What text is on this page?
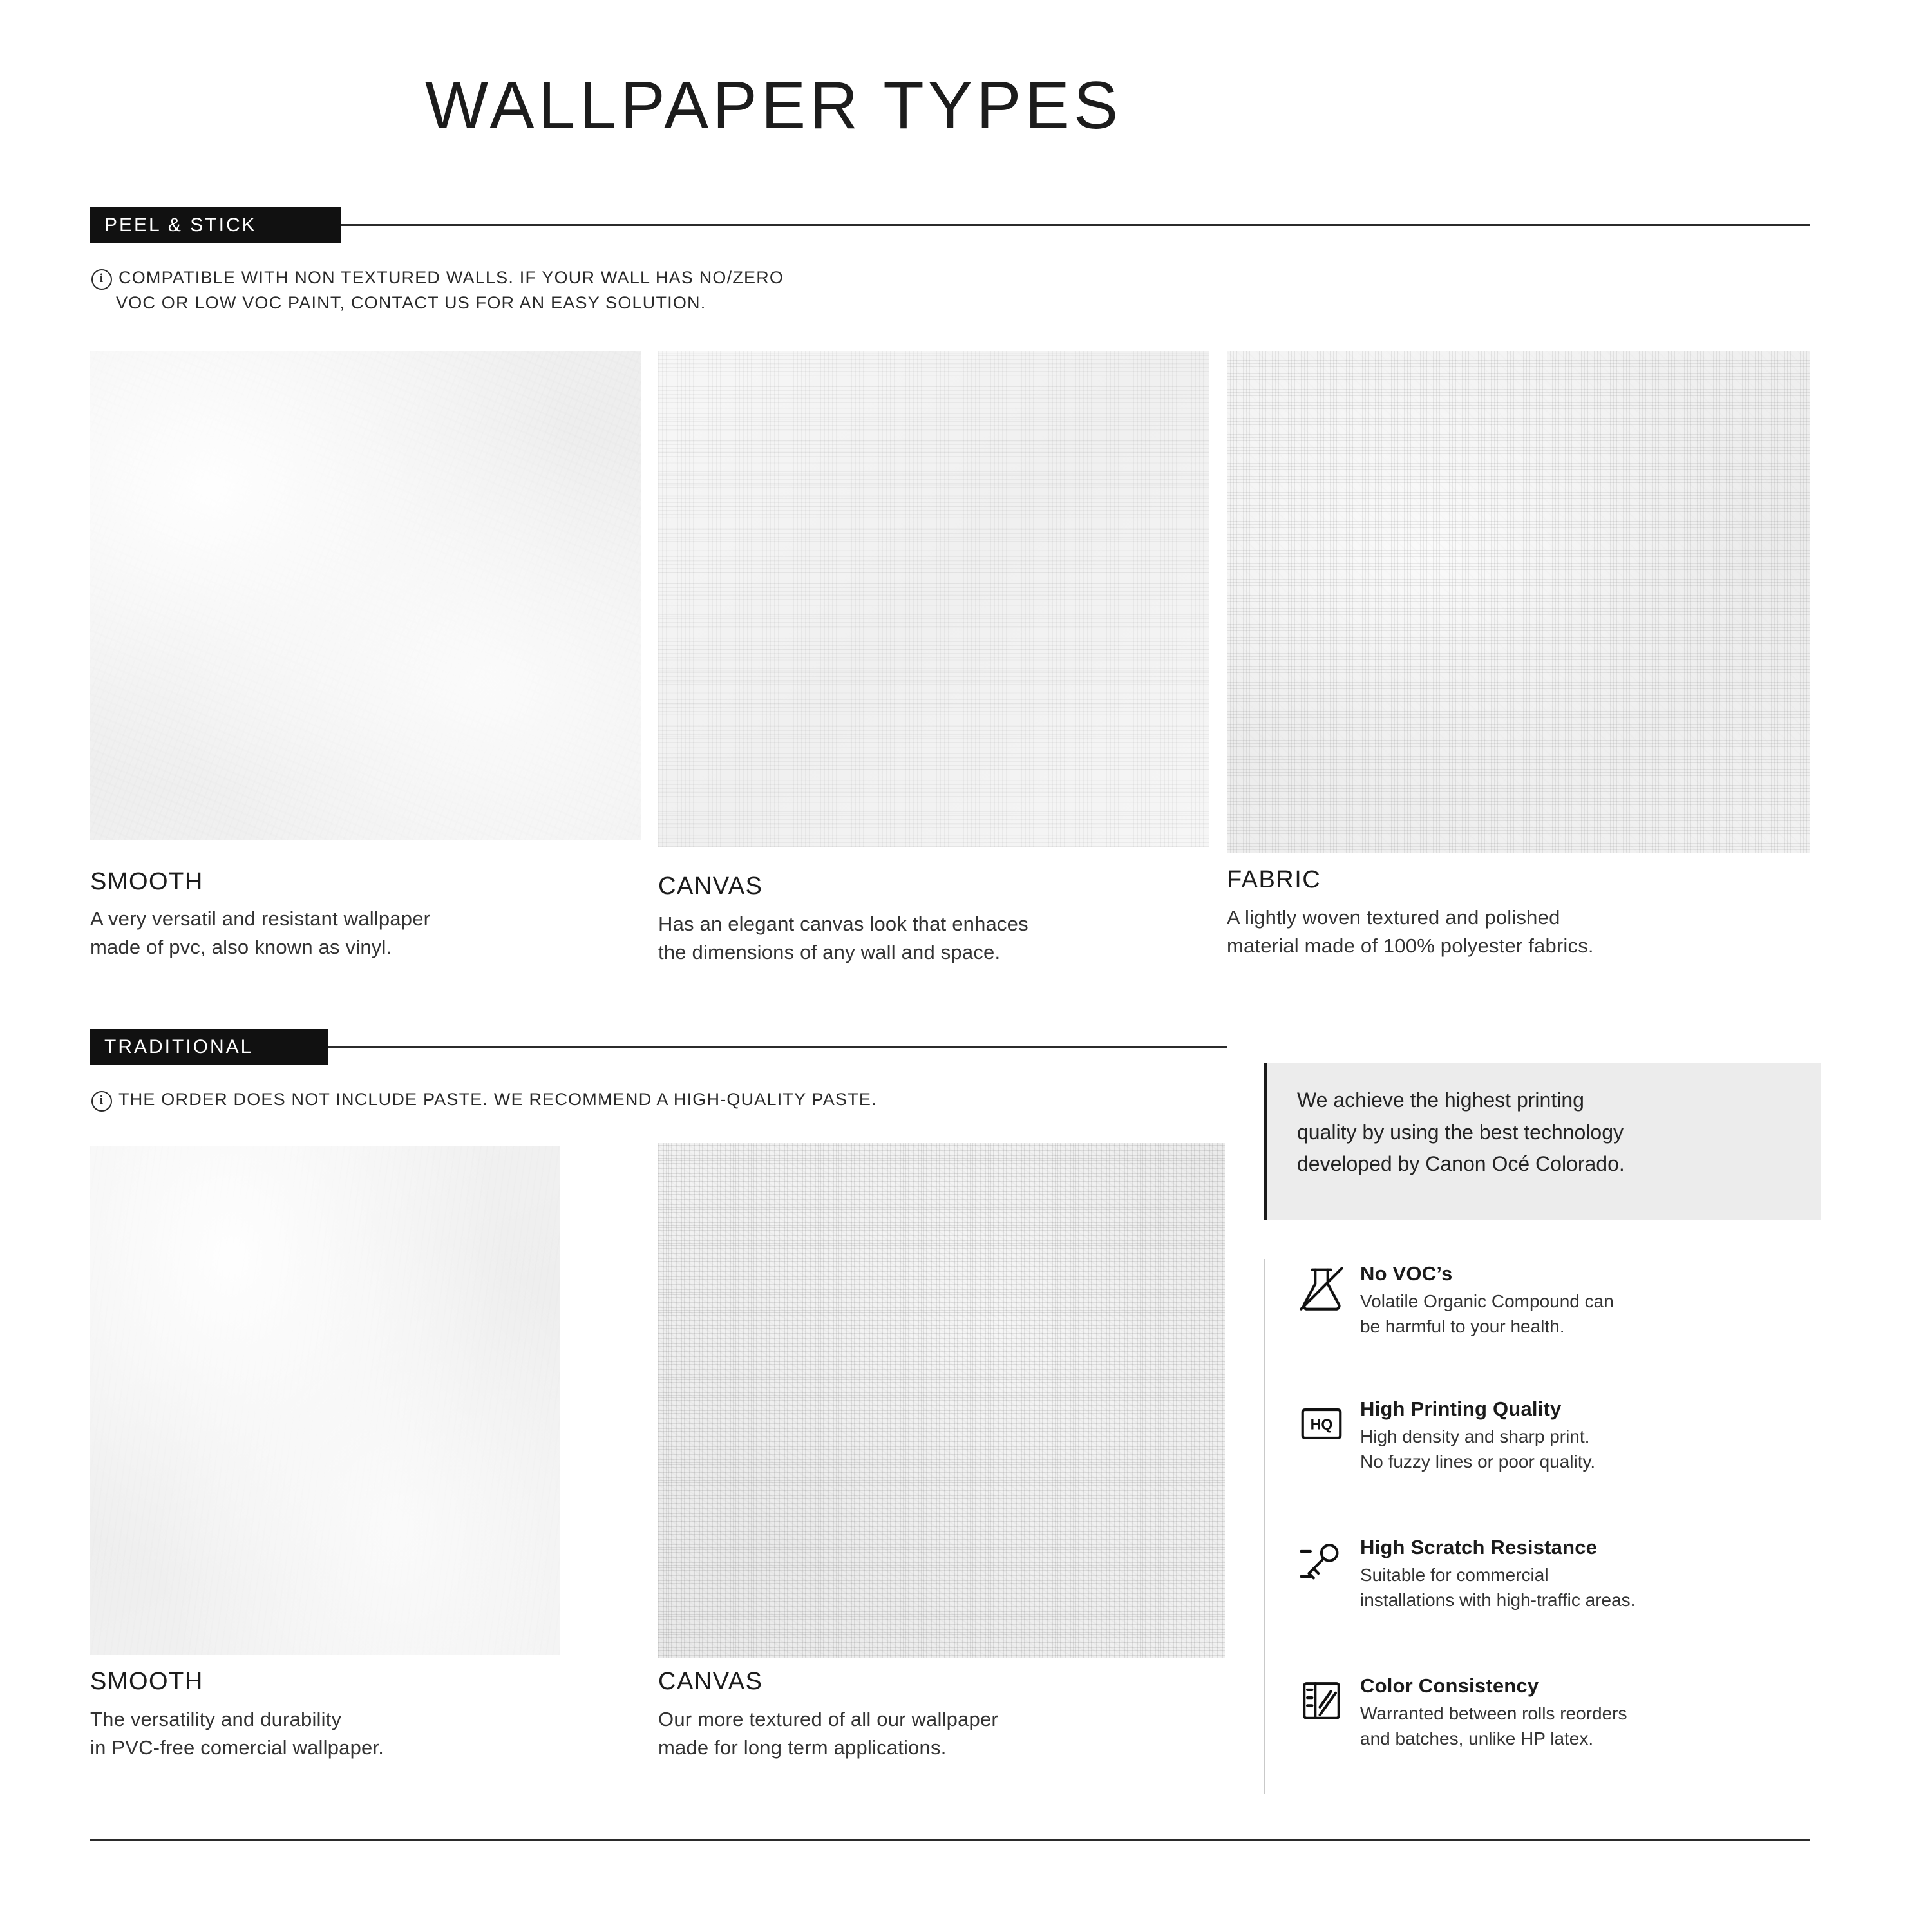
WALLPAPER TYPES
PEEL & STICK
i COMPATIBLE WITH NON TEXTURED WALLS. IF YOUR WALL HAS NO/ZERO
VOC OR LOW VOC PAINT, CONTACT US FOR AN EASY SOLUTION.
SMOOTH
A very versatil and resistant wallpaper
made of pvc, also known as vinyl.
CANVAS
Has an elegant canvas look that enhaces
the dimensions of any wall and space.
FABRIC
A lightly woven textured and polished
material made of 100% polyester fabrics.
TRADITIONAL
i THE ORDER DOES NOT INCLUDE PASTE. WE RECOMMEND A HIGH-QUALITY PASTE.
SMOOTH
The versatility and durability
in PVC-free comercial wallpaper.
CANVAS
Our more textured of all our wallpaper
made for long term applications.

We achieve the highest printing

quality by using the best technology

developed by Canon Océ Colorado.

No VOC’s
Volatile Organic Compound can
be harmful to your health.
HQ
High Printing Quality
High density and sharp print.
No fuzzy lines or poor quality.
High Scratch Resistance
Suitable for commercial
installations with high-traffic areas.
Color Consistency
Warranted between rolls reorders
and batches, unlike HP latex.
